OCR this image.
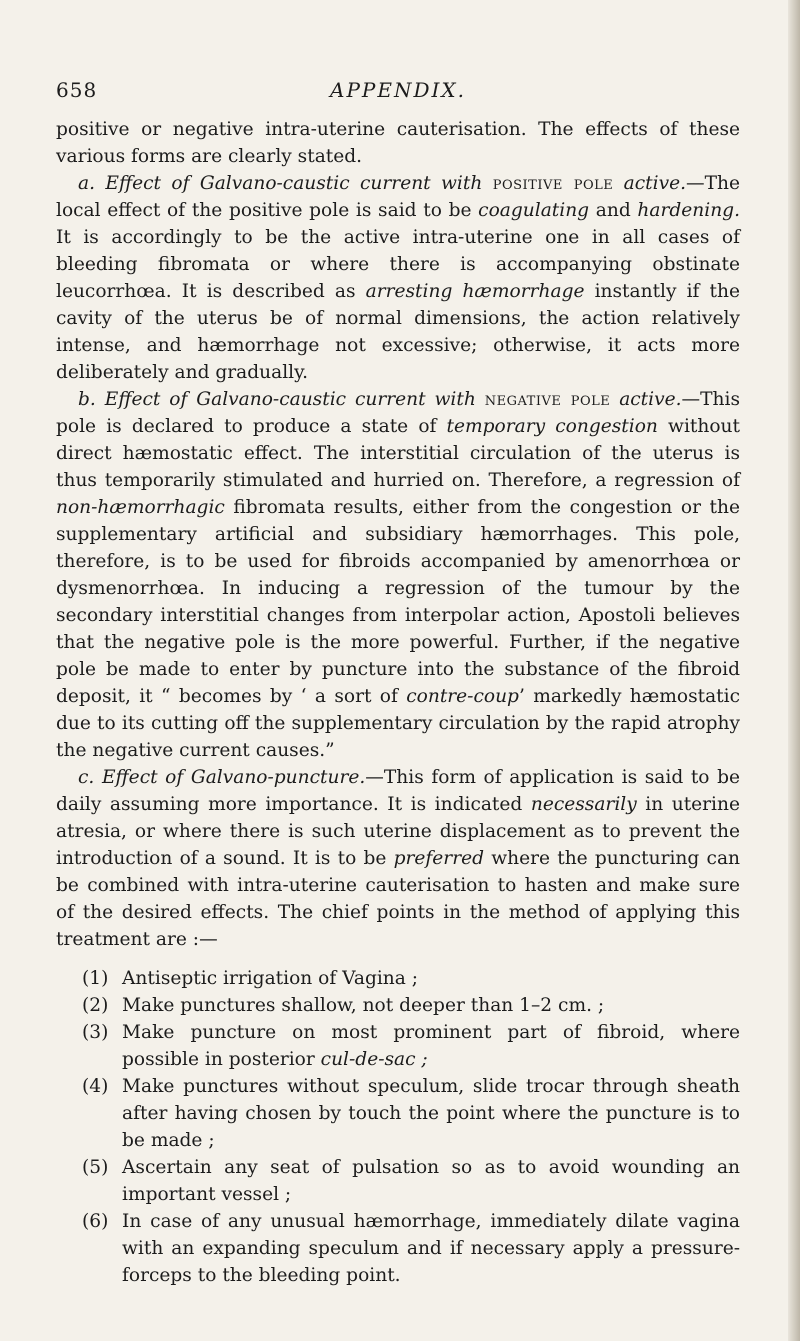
658	APPENDIX.

positive or negative intra-uterine cauterisation. The effects of these various forms are clearly stated.

a. Effect of Galvano-caustic current with positive pole active.—The local effect of the positive pole is said to be coagulating and hardening. It is accordingly to be the active intra-uterine one in all cases of bleeding fibromata or where there is accompanying obstinate leucorrhœa. It is described as arresting hæmorrhage instantly if the cavity of the uterus be of normal dimensions, the action relatively intense, and hæmorrhage not excessive; otherwise, it acts more deliberately and gradually.

b. Effect of Galvano-caustic current with negative pole active.—This pole is declared to produce a state of temporary congestion without direct hæmostatic effect. The interstitial circulation of the uterus is thus temporarily stimulated and hurried on. Therefore, a regression of non-hæmorrhagic fibromata results, either from the congestion or the supplementary artificial and subsidiary hæmorrhages. This pole, therefore, is to be used for fibroids accompanied by amenorrhœa or dysmenorrhœa. In inducing a regression of the tumour by the secondary interstitial changes from interpolar action, Apostoli believes that the negative pole is the more powerful. Further, if the negative pole be made to enter by puncture into the substance of the fibroid deposit, it “ becomes by ‘ a sort of contre-coup’ markedly hæmostatic due to its cutting off the supplementary circulation by the rapid atrophy the negative current causes.”

c. Effect of Galvano-puncture.—This form of application is said to be daily assuming more importance. It is indicated necessarily in uterine atresia, or where there is such uterine displacement as to prevent the introduction of a sound. It is to be preferred where the puncturing can be combined with intra-uterine cauterisation to hasten and make sure of the desired effects. The chief points in the method of applying this treatment are :—

(1) Antiseptic irrigation of Vagina ;
(2) Make punctures shallow, not deeper than 1–2 cm. ;
(3) Make puncture on most prominent part of fibroid, where possible in posterior cul-de-sac ;
(4) Make punctures without speculum, slide trocar through sheath after having chosen by touch the point where the puncture is to be made ;
(5) Ascertain any seat of pulsation so as to avoid wounding an important vessel ;
(6) In case of any unusual hæmorrhage, immediately dilate vagina with an expanding speculum and if necessary apply a pressure-forceps to the bleeding point.
